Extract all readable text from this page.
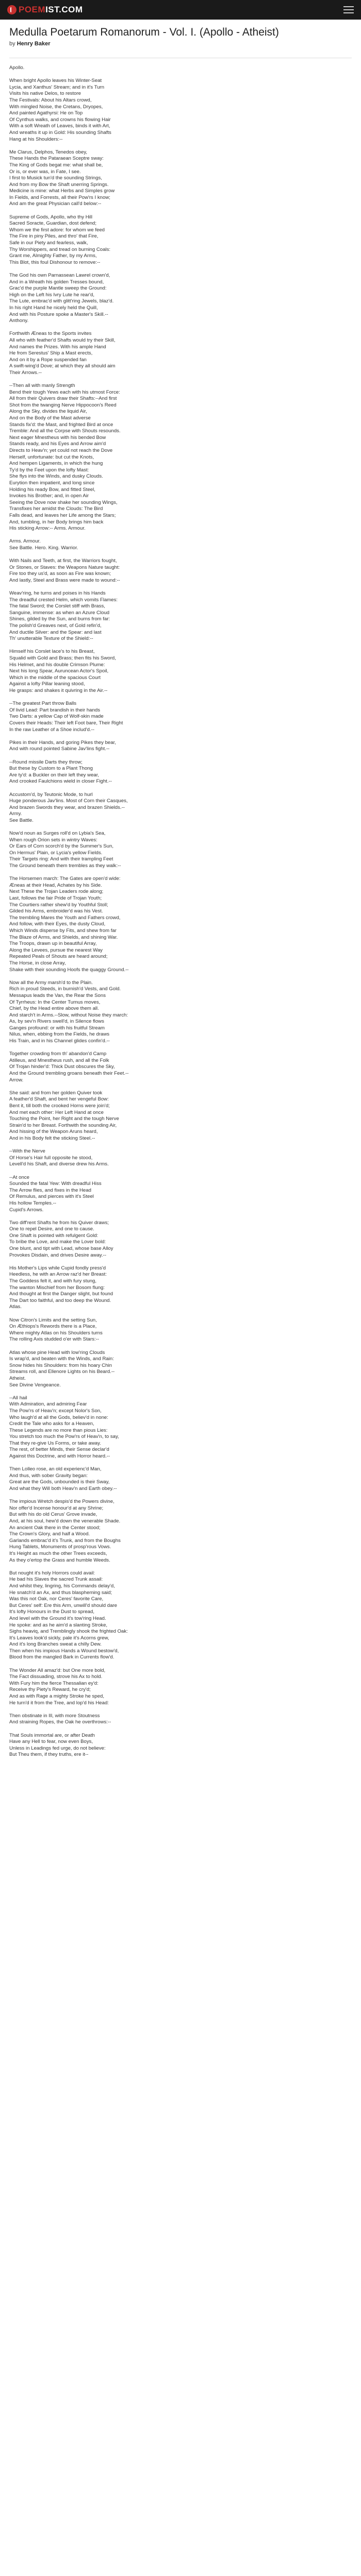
POEMIST.COM
Medulla Poetarum Romanorum - Vol. I. (Apollo - Atheist)
by Henry Baker

Apollo.

When bright Apollo leaves his Winter-Seat
Lycia, and Xanthus' Stream; and in it's Turn
Visits his native Delos, to restore
The Festivals: About his Altars crowd,
With mingled Noise, the Cretans, Dryopes,
And painted Agathyrsi: He on Top
Of Cynthus walks, and crowns his flowing Hair
With a soft Wreath of Leaves, binds it with Art,
And wreaths it up in Gold: His sounding Shafts
Hang at his Shoulders:--

Me Clarus, Delphos, Tenedos obey,
These Hands the Pataraean Sceptre sway:
The King of Gods begat me: what shall be,
Or is, or ever was, in Fate, I see.
I first to Musick tun'd the sounding Strings,
And from my Bow the Shaft unerring Springs.
Medicine is mine: what Herbs and Simples grow
In Fields, and Forrests, all their Pow'rs I know;
And am the great Physician call'd below:--

Supreme of Gods, Apollo, who thy Hill
Sacred Soracte, Guardian, dost defend;
Whom we the first adore: for whom we feed
The Fire in piny Piles, and thro' that Fire,
Safe in our Piety and fearless, walk,
Thy Worshippers, and tread on burning Coals:
Grant me, Almighty Father, by my Arms,
This Blot, this foul Dishonour to remove:--

The God his own Parnassean Lawrel crown'd,
And in a Wreath his golden Tresses bound,
Grac'd the purple Mantle sweep the Ground:
High on the Left his Ivry Lute he rear'd,
The Lute, embrac'd with glitt'ring Jewels, blaz'd.
In his right Hand he nicely held the Quill,
And with his Posture spoke a Master's Skill.--
Anthony.

Forthwith Æneas to the Sports invites
All who with feather'd Shafts would try their Skill,
And names the Prizes. With his ample Hand
He from Serestus' Ship a Mast erects,
And on it by a Rope suspended fan
A swift-wing'd Dove; at which they all should aim
Their Arrows.--

--Then all with manly Strength
Bend their tough Yews each with his utmost Force:
All from their Quivers draw their Shafts:--And first
Shot from the twanging Nerve Hippocoon's Reed
Along the Sky, divides the liquid Air,
And on the Body of the Mast adverse
Stands fix'd: the Mast, and frighted Bird at once
Tremble: And all the Corpse with Shouts resounds.
Next eager Mnestheus with his bended Bow
Stands ready, and his Eyes and Arrow aim'd
Directs to Heav'n; yet could not reach the Dove
Herself, unfortunate: but cut the Knots,
And hempen Ligaments, in which the hung
Ty'd by the Feet upon the lofty Mast:
She flys into the Winds, and dusky Clouds.
Eurytion then impatient, and long since
Holding his ready Bow, and fitted Steel,
Invokes his Brother; and, in open Air
Seeing the Dove now shake her sounding Wings,
Transfixes her amidst the Clouds: The Bird
Falls dead, and leaves her Life among the Stars;
And, tumbling, in her Body brings him back
His sticking Arrow:-- Arms. Armour.

Arms. Armour.
See Battle. Hero. King. Warrior.

With Nails and Teeth, at first, the Warriors fought,
Or Stones, or Staves: the Weapons Nature taught:
Fire too they us'd, as soon as Fire was known;
And lastly, Steel and Brass were made to wound:--

Weav'ring, he turns and poises in his Hands
The dreadful crested Helm, which vomits Flames:
The fatal Sword; the Corslet stiff with Brass,
Sanguine, immense: as when an Azure Cloud
Shines, gilded by the Sun, and burns from far:
The polish'd Greaves next, of Gold refin'd,
And ductile Silver: and the Spear: and last
Th' unutterable Texture of the Shield:--

Himself his Corslet lace's to his Breast,
Squalid with Gold and Brass; then fits his Sword,
His Helmet, and his double Crimson Plume:
Next his long Spear, Auruncean Actor's Spoil,
Which in the middle of the spacious Court
Against a lofty Pillar leaning stood,
He grasps: and shakes it quivring in the Air.--

--The greatest Part throw Balls
Of livid Lead: Part brandish in their hands
Two Darts: a yellow Cap of Wolf-skin made
Covers their Heads: Their left Foot bare, Their Right
In the raw Leather of a Shoe includ'd.--

Pikes in their Hands, and goring Pikes they bear,
And with round pointed Sabine Jav'lins fight.--

--Round missile Darts they throw;
But these by Custom to a Plant Thong
Are ty'd: a Buckler on their left they wear,
And crooked Faulchions wield in closer Fight.--

Accustom'd, by Teutonic Mode, to hurl
Huge ponderous Jav'lins. Most of Corn their Casques,
And brazen Swords they wear, and brazen Shields.--
Army.
See Battle.

Now'd noun as Surges roll'd on Lybia's Sea,
When rough Orion sets in wintry Waves:
Or Ears of Corn scorch'd by the Summer's Sun,
On Hermus' Plain, or Lycia's yellow Fields.
Their Targets ring: And with their trampling Feet
The Ground beneath them trembles as they walk:--

The Horsemen march: The Gates are open'd wide:
Æneas at their Head, Achates by his Side.
Next These the Trojan Leaders rode along;
Last, follows the fair Pride of Trojan Youth;
The Courtiers rather shew'd by Youthful Stoll;
Gilded his Arms, embroider'd was his Vest.
The trembling Mares the Youth and Fathers crowd,
And follow, with their Eyes, the dusty Cloud,
Which Winds disperse by Fits, and shew from far
The Blaze of Arms, and Shields, and shining War.
The Troops, drawn up in beautiful Array,
Along the Levees, pursue the nearest Way
Repeated Peals of Shouts are heard around;
The Horse, in close Array,
Shake with their sounding Hoofs the quaggy Ground.--

Now all the Army marsh'd to the Plain.
Rich in proud Steeds, in burnish'd Vests, and Gold.
Messapus leads the Van, the Rear the Sons
Of Tyrrheus: In the Center Turnus moves,
Chief, by the Head entire above them all.
And starch't in Arms.--Slow, without Noise they march:
As, by sev'n Rivers swell'd, in Silence flows
Ganges profound: or with his fruitful Stream
Nilus, when, ebbing from the Fields, he draws
His Train, and in his Channel glides confin'd.--

Together crowding from th' abandon'd Camp
Atilleus, and Mnestheus rush, and all the Folk
Of Trojan hinder'd: Thick Dust obscures the Sky,
And the Ground trembling groans beneath their Feet.--
Arrow.

She said: and from her golden Quiver took
A feather'd Shaft, and bent her vengeful Bow:
Bent it, till both the crooked Horns were join'd;
And met each other: Her Left Hand at once
Touching the Point, her Right and the tough Nerve
Strain'd to her Breast. Forthwith the sounding Air,
And hissing of the Weapon Aruns heard,
And in his Body felt the sticking Steel.--

--With the Nerve
Of Horse's Hair full opposite he stood,
Levell'd his Shaft, and diverse drew his Arms.

--At once
Sounded the fatal Yew: With dreadful Hiss
The Arrow flies, and fixes in the Head
Of Remulus, and pierces with it's Steel
His hollow Temples.--
Cupid's Arrows.

Two diff'rent Shafts he from his Quiver draws;
One to repel Desire, and one to cause.
One Shaft is pointed with refulgent Gold:
To bribe the Love, and make the Lover bold:
One blunt, and tipt with Lead, whose base Alloy
Provokes Disdain, and drives Desire away.--

His Mother's Lips while Cupid fondly press'd
Heedless, he with an Arrow raz'd her Breast:
The Goddess felt it, and with fury stung,
The wanton Mischief from her Bosom flung:
And thought at first the Danger slight, but found
The Dart too faithful, and too deep the Wound.
Atlas.

Now Citron's Limits and the setting Sun,
On Æthiops's Rewords there is a Place,
Where mighty Atlas on his Shoulders turns
The rolling Axis studded o'er with Stars:--

Atlas whose pine Head with low'ring Clouds
Is wrap'd, and beaten with the Winds, and Rain:
Snow hides his Shoulders: from his hoary Chin
Streams roll, and Ellenore Lights on his Beard.--
Atheist.
See Divine Vengeance.

--All hail
With Admiration, and admiring Fear
The Pow'rs of Heav'n; except Nolor's Son,
Who laugh'd at all the Gods, believ'd in none:
Credit the Tale who asks for a Heaven,
These Legends are no more than pious Lies:
You stretch too much the Pow'rs of Heav'n, to say,
That they re-give Us Forms, or take away.
The rest, of better Minds, their Sense declar'd
Against this Doctrine, and with Horror heard.--

Then Lolleo rose, an old experienc'd Man,
And thus, with sober Gravity began:
Great are the Gods, unbounded is their Sway,
And what they Will both Heav'n and Earth obey.--

The impious Wretch despis'd the Powers divine,
Nor offer'd Incense honour'd at any Shrine;
But with his do old Cerus' Grove invade,
And, at his soul, hew'd down the venerable Shade.
An ancient Oak there in the Center stood;
The Crown's Glory, and half a Wood.
Garlands embrac'd it's Trunk, and from the Boughs
Hung Tablets, Monuments of prosp'rous Vows.
It's Height as much the other Trees exceeds,
As they o'ertop the Grass and humble Weeds.

But nought it's holy Horrors could avail:
He bad his Slaves the sacred Trunk assail:
And whilst they, lingring, his Commands delay'd,
He snatch'd an Ax, and thus blaspheming said;
Was this not Oak, nor Ceres' favorite Care,
But Ceres' self: Ere this Arm, unwill'd should dare
It's lofty Honours in the Dust to spread,
And level with the Ground it's tow'ring Head.
He spoke: and as he aim'd a slanting Stroke,
Sighs heaviq, and Tremblingly shook the frighted Oak:
It's Leaves look'd sickly, pale it's Acorns grew,
And it's long Branches sweat a chilly Dew.
Then when his impious Hands a Wound bestow'd,
Blood from the mangled Bark in Currents flow'd.

The Wonder All amaz'd: but One more bold,
The Fact dissuading, strove his Ax to hold.
With Fury him the fierce Thessalian ey'd:
Receive thy Piety's Reward, he cry'd;
And as with Rage a mighty Stroke he sped,
He turn'd it from the Tree, and lop'd his Head:

Then obstinate in Ill, with more Stoutness
And straining Ropes, the Oak he overthrows:--

That Souls immortal are, or after Death
Have any Hell to fear, now even Boys,
Unless in Leadings fed urge, do not believe:
But Theu them, if they truths, ere it--
